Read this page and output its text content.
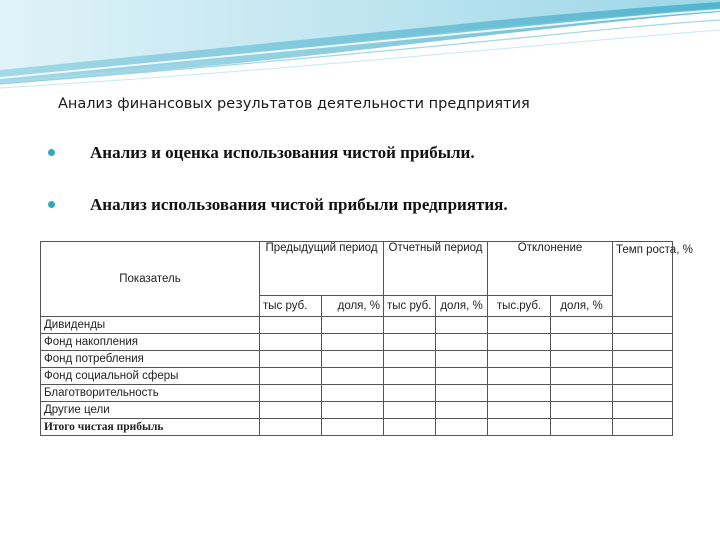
Анализ финансовых результатов деятельности предприятия
Анализ и оценка использования чистой прибыли.
Анализ использования чистой прибыли предприятия.
Показатель	Предыдущий период		Отчетный период		Отклонение		Темп роста, %

	тыс руб.	доля, %	тыс руб.	доля, %	тыс.руб.	доля, %	
Дивиденды							
Фонд накопления							
Фонд потребления							
Фонд социальной сферы							
Благотворительность							
Другие цели							
Итого чистая прибыль							
